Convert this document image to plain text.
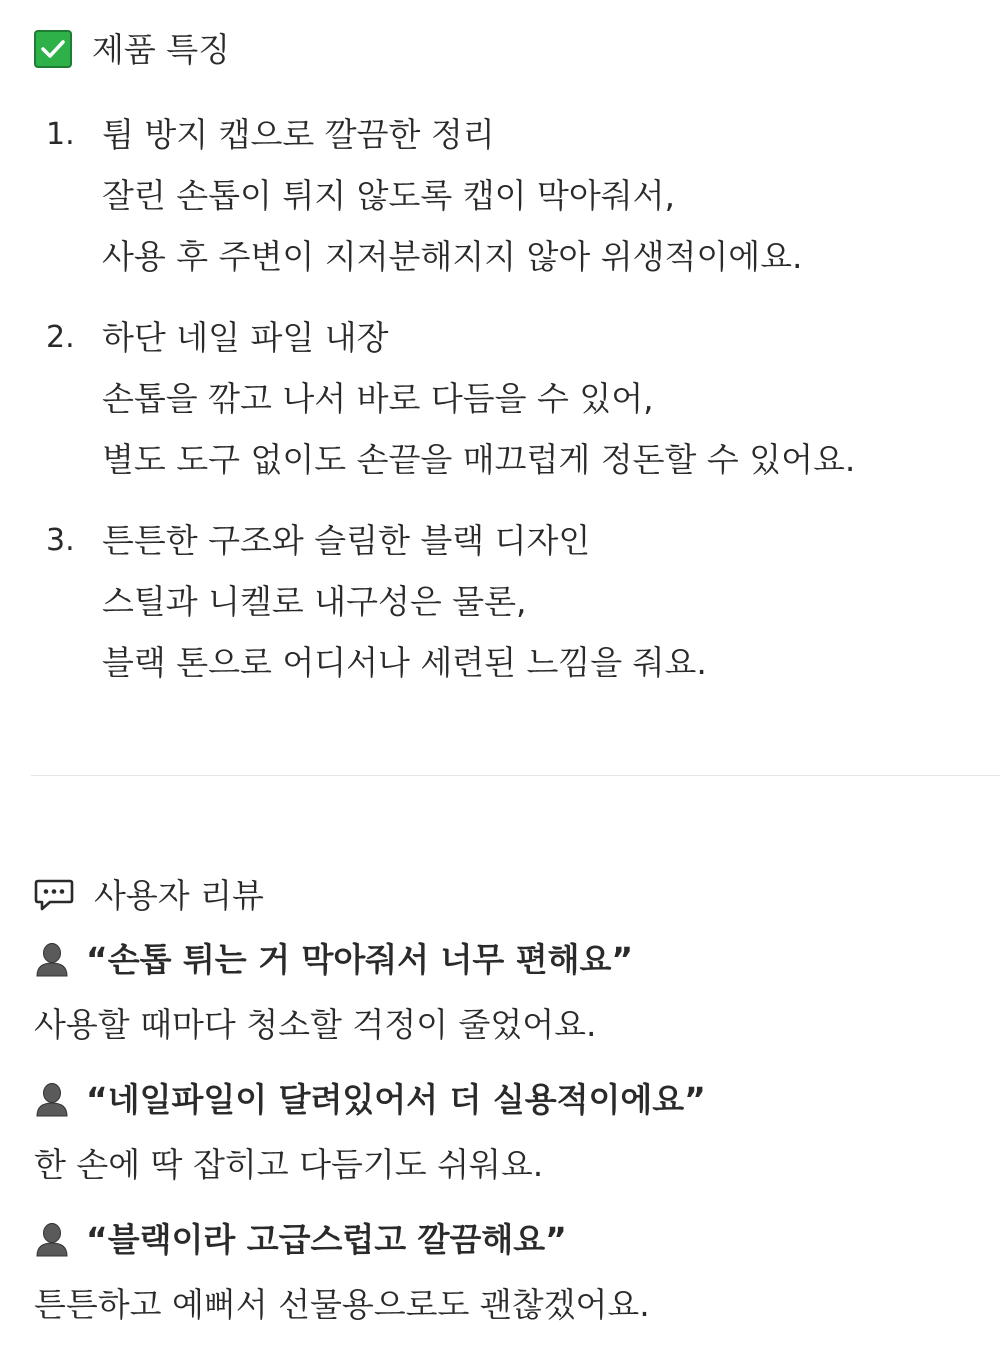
제품 특징
1. 튐 방지 캡으로 깔끔한 정리
잘린 손톱이 튀지 않도록 캡이 막아줘서,
사용 후 주변이 지저분해지지 않아 위생적이에요.
2. 하단 네일 파일 내장
손톱을 깎고 나서 바로 다듬을 수 있어,
별도 도구 없이도 손끝을 매끄럽게 정돈할 수 있어요.
3. 튼튼한 구조와 슬림한 블랙 디자인
스틸과 니켈로 내구성은 물론,
블랙 톤으로 어디서나 세련된 느낌을 줘요.
사용자 리뷰
“손톱 튀는 거 막아줘서 너무 편해요”
사용할 때마다 청소할 걱정이 줄었어요.
“네일파일이 달려있어서 더 실용적이에요”
한 손에 딱 잡히고 다듬기도 쉬워요.
“블랙이라 고급스럽고 깔끔해요”
튼튼하고 예뻐서 선물용으로도 괜찮겠어요.
